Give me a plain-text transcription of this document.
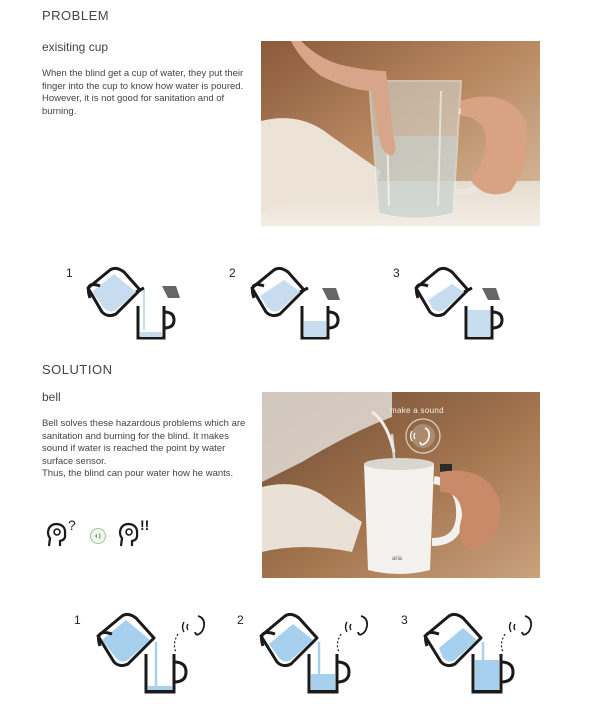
PROBLEM
exisiting cup
When the blind get a cup of water, they put their finger into the cup to know how water is poured. However, it is not good for sanitation and of burning.
1	2	3
SOLUTION
bell
Bell solves these hazardous problems which are sanitation and burning for the blind. It makes sound if water is reached the point by water surface sensor.
Thus, the blind can pour water how he wants.
?	!!
make a sound
aria
1	2	3
